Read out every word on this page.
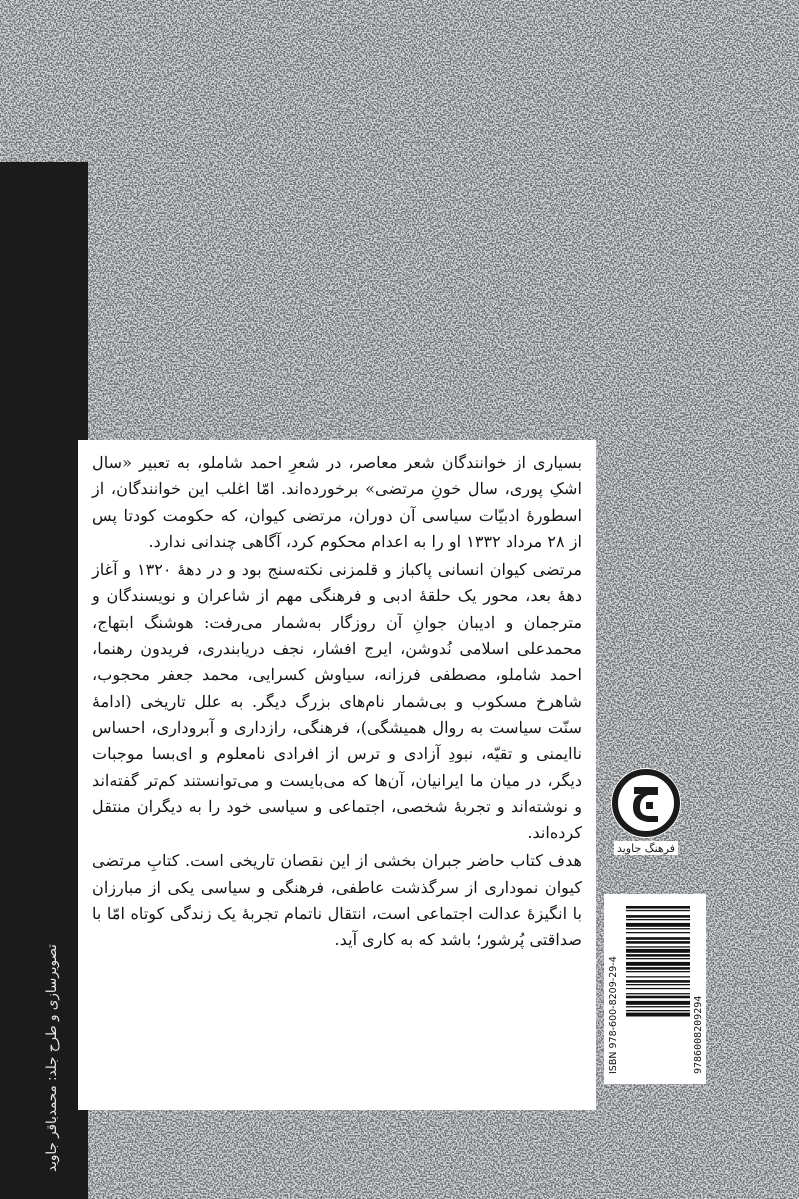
تصویرسازی و طرح جلد: محمدباقر جاوید

بسیاری از خوانندگان شعر معاصر، در شعرِ احمد شاملو، به تعبیر «سال اشکِ پوری، سال خونِ مرتضی» برخورده‌اند. امّا اغلب این خوانندگان، از اسطورهٔ ادبیّات سیاسی آن دوران، مرتضی کیوان، که حکومت کودتا پس از ۲۸ مرداد ۱۳۳۲ او را به اعدام محکوم کرد، آگاهی چندانی ندارد.

مرتضی کیوان انسانی پاکباز و قلمزنی نکته‌سنج بود و در دههٔ ۱۳۲۰ و آغاز دههٔ بعد، محور یک حلقهٔ ادبی و فرهنگی مهم از شاعران و نویسندگان و مترجمان و ادیبان جوانِ آن روزگار به‌شمار می‌رفت: هوشنگ ابتهاج، محمدعلی اسلامی نُدوشن، ایرج افشار، نجف دریابندری، فریدون رهنما، احمد شاملو، مصطفی فرزانه، سیاوش کسرایی، محمد جعفر محجوب، شاهرخ مسکوب و بی‌شمار نام‌های بزرگ دیگر. به علل تاریخی (ادامهٔ سنّت سیاست به روال همیشگی)، فرهنگی، رازداری و آبروداری، احساس ناایمنی و تقیّه، نبودِ آزادی و ترس از افرادی نامعلوم و ای‌بسا موجبات دیگر، در میان ما ایرانیان، آن‌ها که می‌بایست و می‌توانستند کم‌تر گفته‌اند و نوشته‌اند و تجربهٔ شخصی، اجتماعی و سیاسی خود را به دیگران منتقل کرده‌اند.

هدف کتاب حاضر جبران بخشی از این نقصان تاریخی است. کتابِ مرتضی کیوان نموداری از سرگذشت عاطفی، فرهنگی و سیاسی یکی از مبارزان با انگیزهٔ عدالت اجتماعی است، انتقال ناتمام تجربهٔ یک زندگی کوتاه امّا با صداقتی پُرشور؛ باشد که به کاری آید.

فرهنگ جاوید
ISBN 978-600-8209-29-4	9786008209294
